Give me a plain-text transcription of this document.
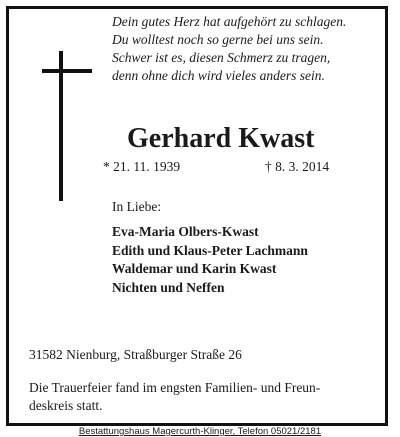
Dein gutes Herz hat aufgehört zu schlagen.
Du wolltest noch so gerne bei uns sein.
Schwer ist es, diesen Schmerz zu tragen,
denn ohne dich wird vieles anders sein.
Gerhard Kwast
* 21. 11. 1939	† 8. 3. 2014
In Liebe:
Eva-Maria Olbers-Kwast
Edith und Klaus-Peter Lachmann
Waldemar und Karin Kwast
Nichten und Neffen
31582 Nienburg, Straßburger Straße 26
Die Trauerfeier fand im engsten Familien- und Freun-
deskreis statt.
Bestattungshaus Magercurth-Klinger, Telefon 05021/2181
